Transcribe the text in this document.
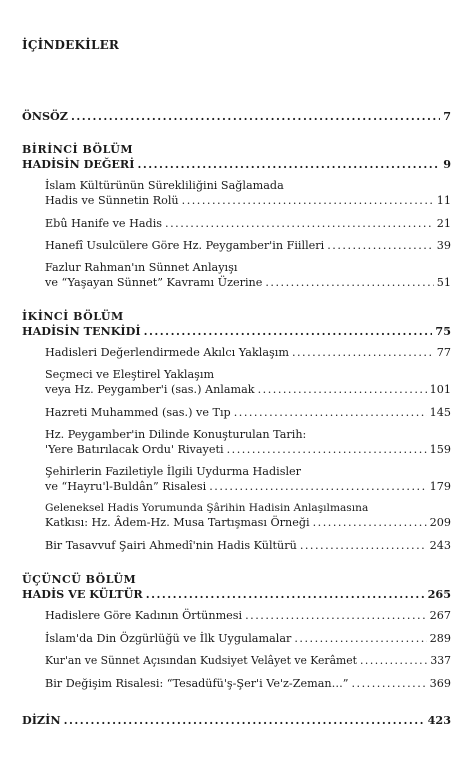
İÇİNDEKİLER
ÖNSÖZ .....	7
BİRİNCİ BÖLÜM
HADİSİN DEĞERİ .....	9
İslam Kültürünün Sürekliliğini Sağlamada
Hadis ve Sünnetin Rolü .....	11
Ebû Hanife ve Hadis .....	21
Hanefî Usulcülere Göre Hz. Peygamber'in Fiilleri .....	39
Fazlur Rahman'ın Sünnet Anlayışı
ve “Yaşayan Sünnet” Kavramı Üzerine .....	51
İKİNCİ BÖLÜM
HADİSİN TENKİDİ .....	75
Hadisleri Değerlendirmede Akılcı Yaklaşım .....	77
Seçmeci ve Eleştirel Yaklaşım
veya Hz. Peygamber'i (sas.) Anlamak .....	101
Hazreti Muhammed (sas.) ve Tıp .....	145
Hz. Peygamber'in Dilinde Konuşturulan Tarih:
'Yere Batırılacak Ordu' Rivayeti .....	159
Şehirlerin Faziletiyle İlgili Uydurma Hadisler
ve “Hayru'l-Buldân” Risalesi .....	179
Geleneksel Hadis Yorumunda Şârihin Hadisin Anlaşılmasına
Katkısı: Hz. Âdem-Hz. Musa Tartışması Örneği .....	209
Bir Tasavvuf Şairi Ahmedî'nin Hadis Kültürü .....	243
ÜÇÜNCÜ BÖLÜM
HADİS VE KÜLTÜR .....	265
Hadislere Göre Kadının Örtünmesi .....	267
İslam'da Din Özgürlüğü ve İlk Uygulamalar .....	289
Kur'an ve Sünnet Açısından Kudsiyet Velâyet ve Kerâmet .....	337
Bir Değişim Risalesi: “Tesadüfü'ş-Şer'i Ve'z-Zeman…” .....	369
DİZİN .....	423
